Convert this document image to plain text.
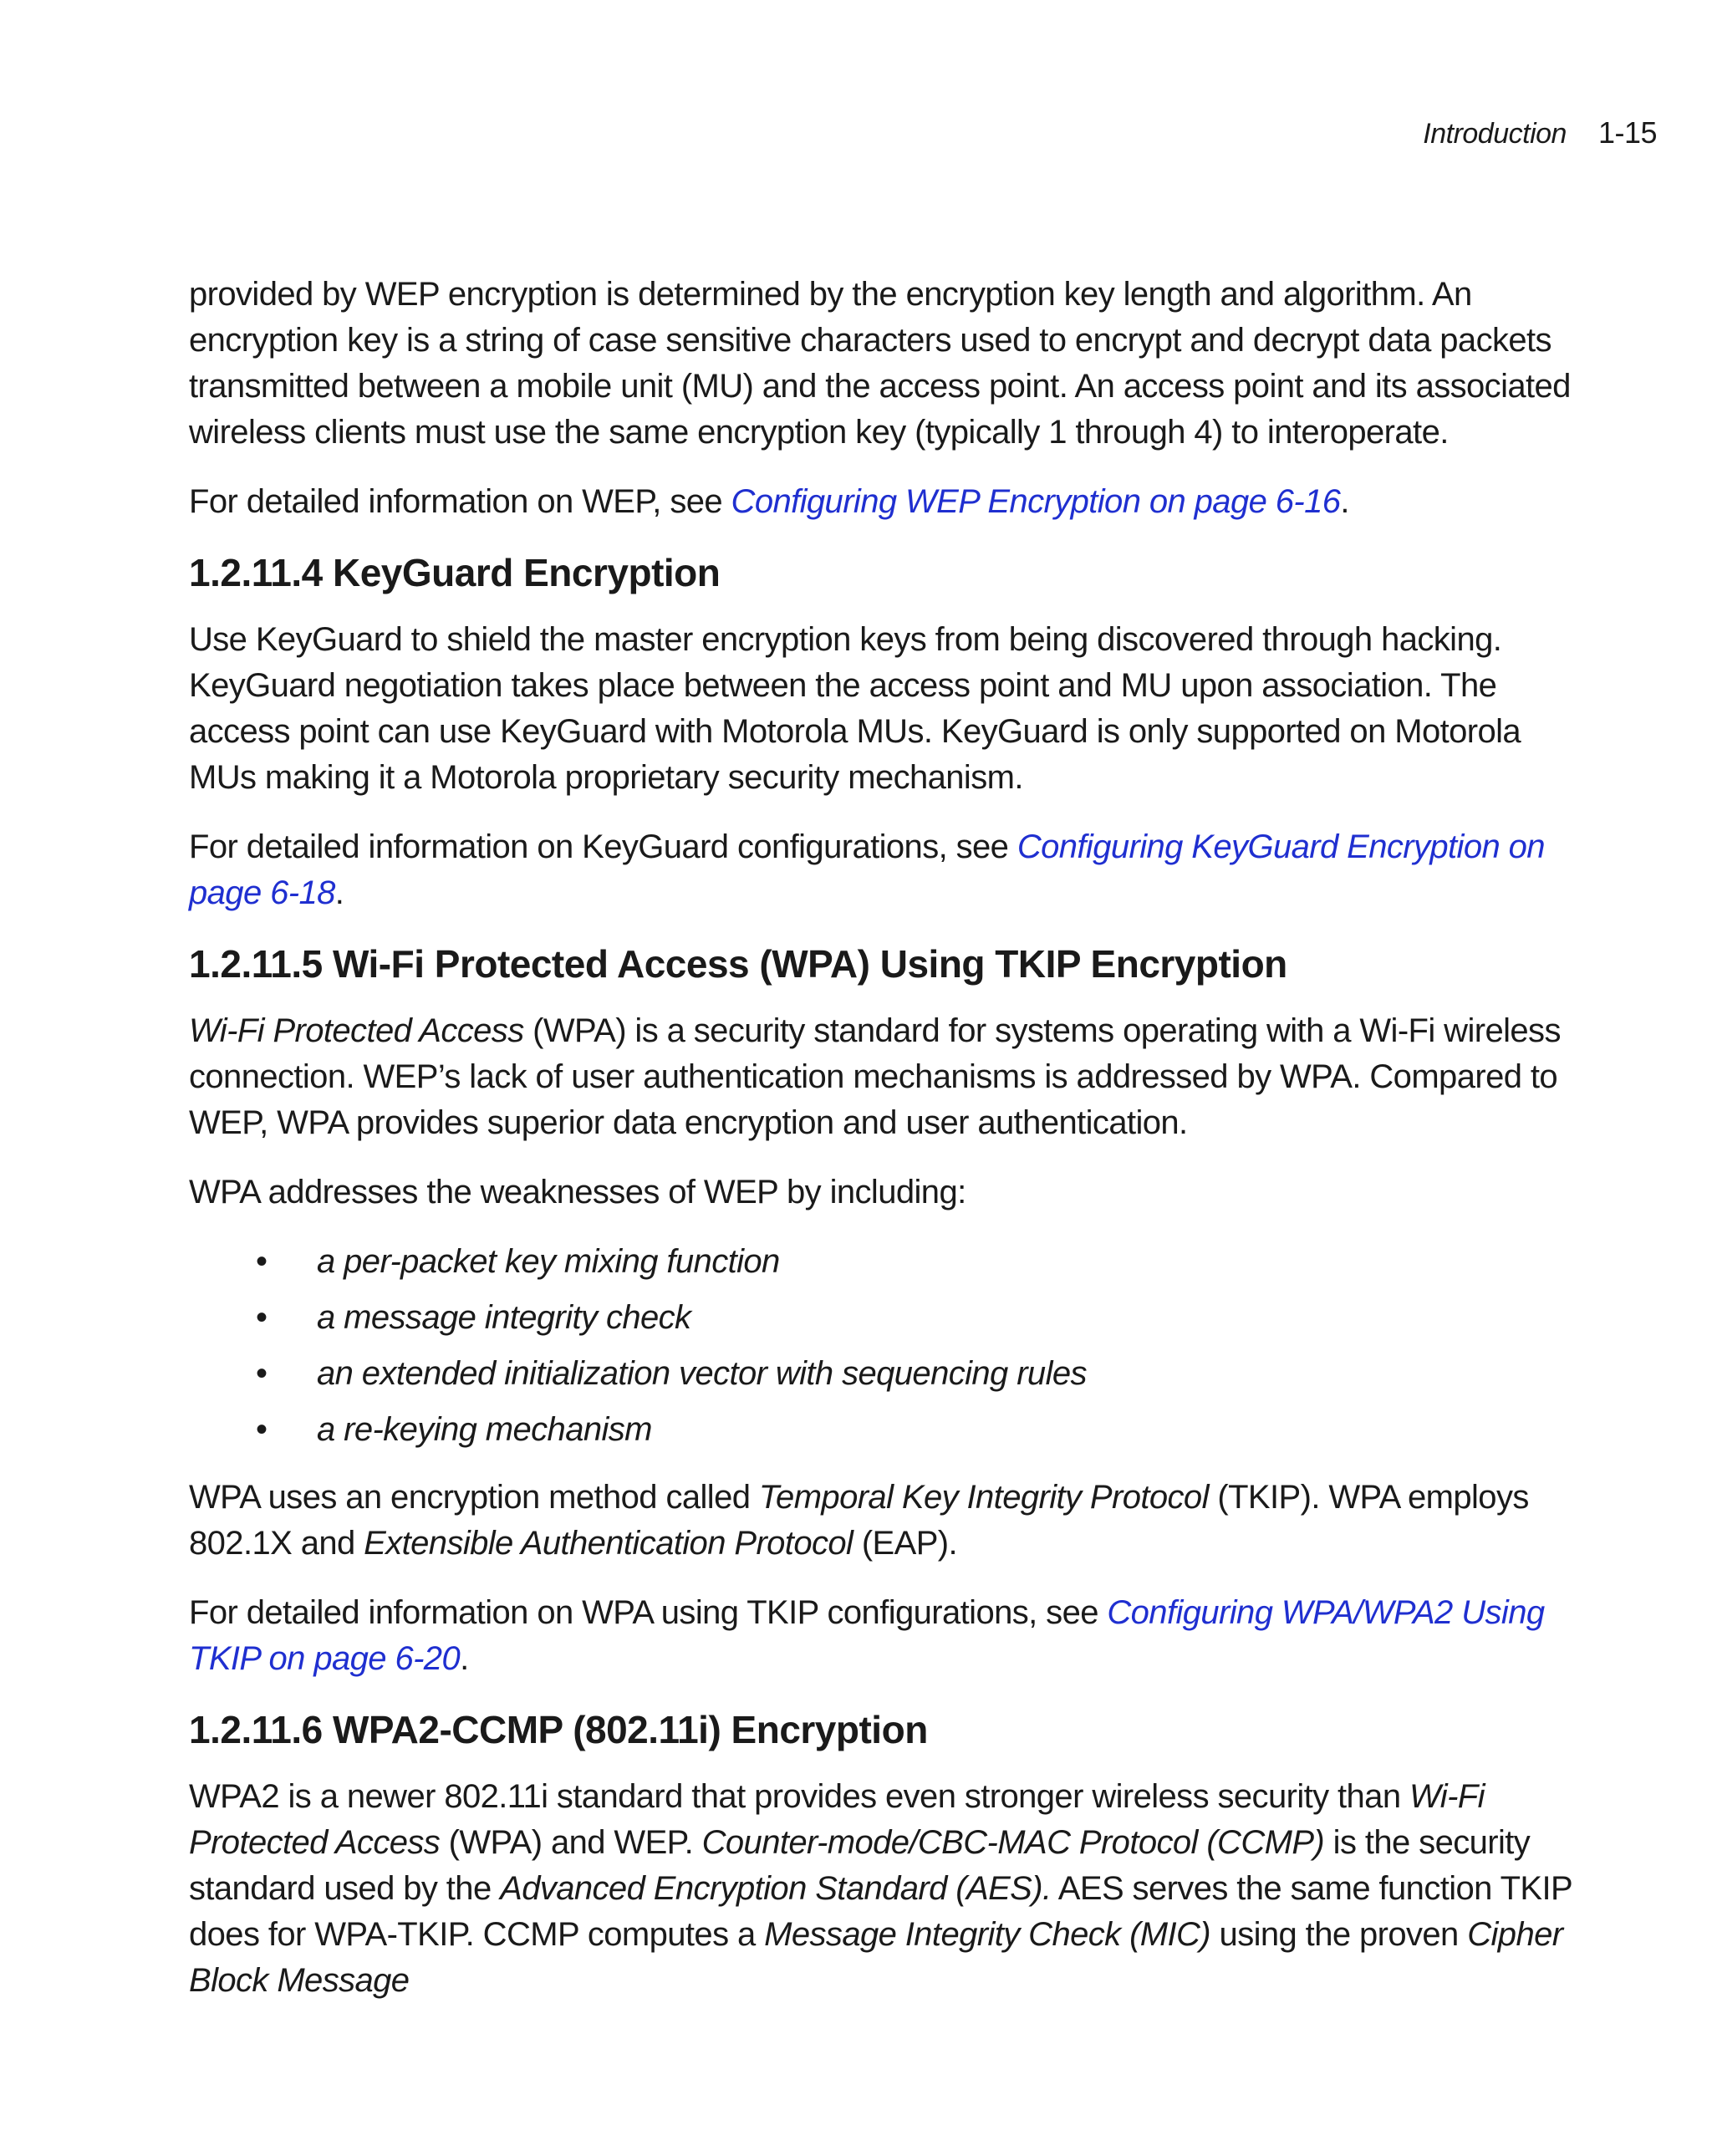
Introduction 1-15

provided by WEP encryption is determined by the encryption key length and algorithm. An encryption key is a string of case sensitive characters used to encrypt and decrypt data packets transmitted between a mobile unit (MU) and the access point. An access point and its associated wireless clients must use the same encryption key (typically 1 through 4) to interoperate.

For detailed information on WEP, see Configuring WEP Encryption on page 6-16.

1.2.11.4 KeyGuard Encryption

Use KeyGuard to shield the master encryption keys from being discovered through hacking. KeyGuard negotiation takes place between the access point and MU upon association. The access point can use KeyGuard with Motorola MUs. KeyGuard is only supported on Motorola MUs making it a Motorola proprietary security mechanism.

For detailed information on KeyGuard configurations, see Configuring KeyGuard Encryption on page 6-18.

1.2.11.5 Wi-Fi Protected Access (WPA) Using TKIP Encryption

Wi-Fi Protected Access (WPA) is a security standard for systems operating with a Wi-Fi wireless connection. WEP’s lack of user authentication mechanisms is addressed by WPA. Compared to WEP, WPA provides superior data encryption and user authentication.

WPA addresses the weaknesses of WEP by including:

• a per-packet key mixing function
• a message integrity check
• an extended initialization vector with sequencing rules
• a re-keying mechanism

WPA uses an encryption method called Temporal Key Integrity Protocol (TKIP). WPA employs 802.1X and Extensible Authentication Protocol (EAP).

For detailed information on WPA using TKIP configurations, see Configuring WPA/WPA2 Using TKIP on page 6-20.

1.2.11.6 WPA2-CCMP (802.11i) Encryption

WPA2 is a newer 802.11i standard that provides even stronger wireless security than Wi-Fi Protected Access (WPA) and WEP. Counter-mode/CBC-MAC Protocol (CCMP) is the security standard used by the Advanced Encryption Standard (AES). AES serves the same function TKIP does for WPA-TKIP. CCMP computes a Message Integrity Check (MIC) using the proven Cipher Block Message
